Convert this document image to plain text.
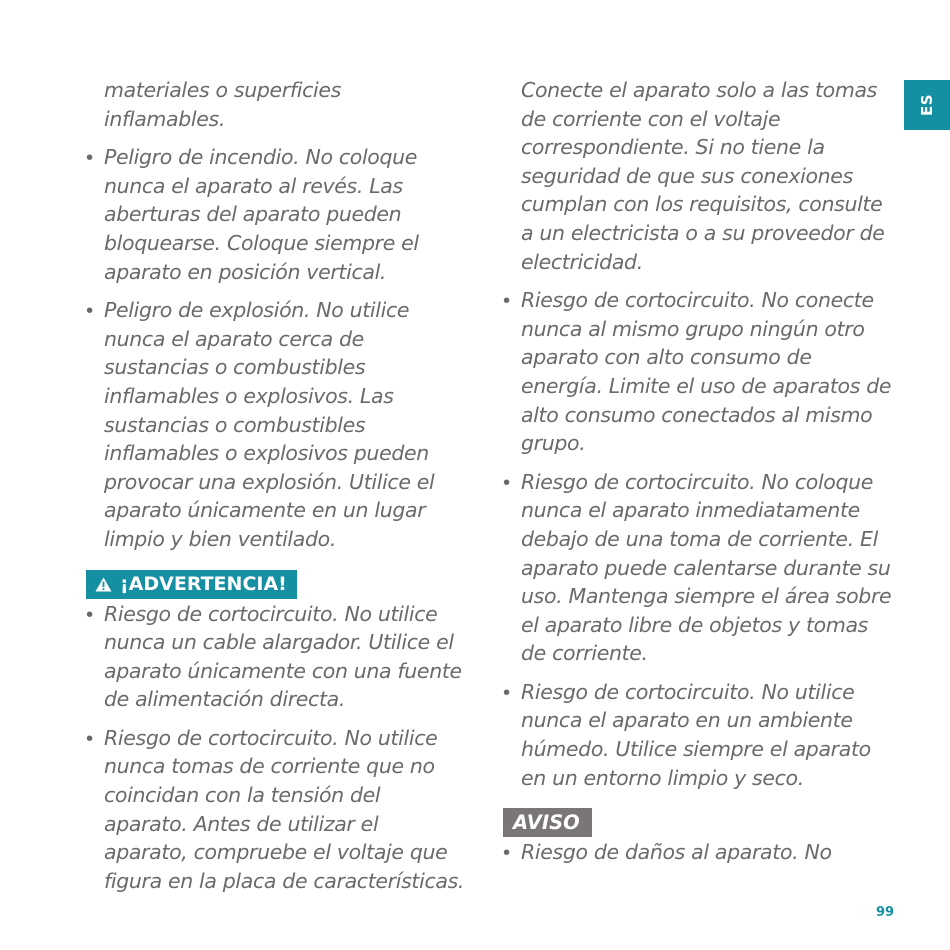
materiales o superficies inflamables.

• Peligro de incendio. No coloque nunca el aparato al revés. Las aberturas del aparato pueden bloquearse. Coloque siempre el aparato en posición vertical.
• Peligro de explosión. No utilice nunca el aparato cerca de sustancias o combustibles inflamables o explosivos. Las sustancias o combustibles inflamables o explosivos pueden provocar una explosión. Utilice el aparato únicamente en un lugar limpio y bien ventilado.
¡ADVERTENCIA!
• Riesgo de cortocircuito. No utilice nunca un cable alargador. Utilice el aparato únicamente con una fuente de alimentación directa.
• Riesgo de cortocircuito. No utilice nunca tomas de corriente que no coincidan con la tensión del aparato. Antes de utilizar el aparato, compruebe el voltaje que figura en la placa de características.

Conecte el aparato solo a las tomas de corriente con el voltaje correspondiente. Si no tiene la seguridad de que sus conexiones cumplan con los requisitos, consulte a un electricista o a su proveedor de electricidad.

• Riesgo de cortocircuito. No conecte nunca al mismo grupo ningún otro aparato con alto consumo de energía. Limite el uso de aparatos de alto consumo conectados al mismo grupo.
• Riesgo de cortocircuito. No coloque nunca el aparato inmediatamente debajo de una toma de corriente. El aparato puede calentarse durante su uso. Mantenga siempre el área sobre el aparato libre de objetos y tomas de corriente.
• Riesgo de cortocircuito. No utilice nunca el aparato en un ambiente húmedo. Utilice siempre el aparato en un entorno limpio y seco.
AVISO
• Riesgo de daños al aparato. No
ES
99
